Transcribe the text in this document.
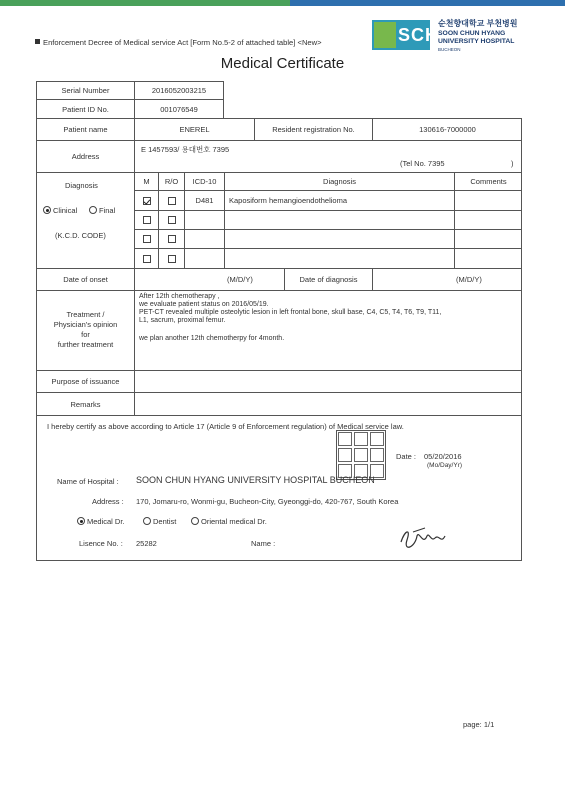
Enforcement Decree of Medical service Act [Form No.5-2 of attached table] <New>	SCH
순천향대학교 부천병원
SOON CHUN HYANG
UNIVERSITY HOSPITAL
BUCHEON
Medical Certificate
Serial Number	2016052003215
Patient ID No.	001076549
Patient name	ENEREL	Resident registration No.	130616-7000000
Address
E 1457593/ 용대번호 7395
(Tel No. 7395	)
Diagnosis
Clinical	Final
(K.C.D. CODE)
M	R/O	ICD-10	Diagnosis	Comments
D481	Kaposiform hemangioendothelioma
Date of onset	(M/D/Y)	Date of diagnosis	(M/D/Y)
Treatment /
Physician's opinion
for
further treatment
After 12th chemotherapy ,
we evaluate patient status on 2016/05/19.
PET-CT revealed multiple osteolytic lesion in left frontal bone, skull base, C4, C5, T4, T6, T9, T11,
L1, sacrum, proximal femur.
we plan another 12th chemotherpy for 4month.
Purpose of issuance
Remarks
I hereby certify as above according to Article 17 (Article 9 of Enforcement regulation) of Medical service law.
Date : 05/20/2016
(Mo/Day/Yr)
Name of Hospital : SOON CHUN HYANG UNIVERSITY HOSPITAL BUCHEON
Address : 170, Jomaru-ro, Wonmi-gu, Bucheon-City, Gyeonggi-do, 420-767, South Korea
Medical Dr.	Dentist	Oriental medical Dr.
Lisence No. : 25282	Name :
page: 1/1
